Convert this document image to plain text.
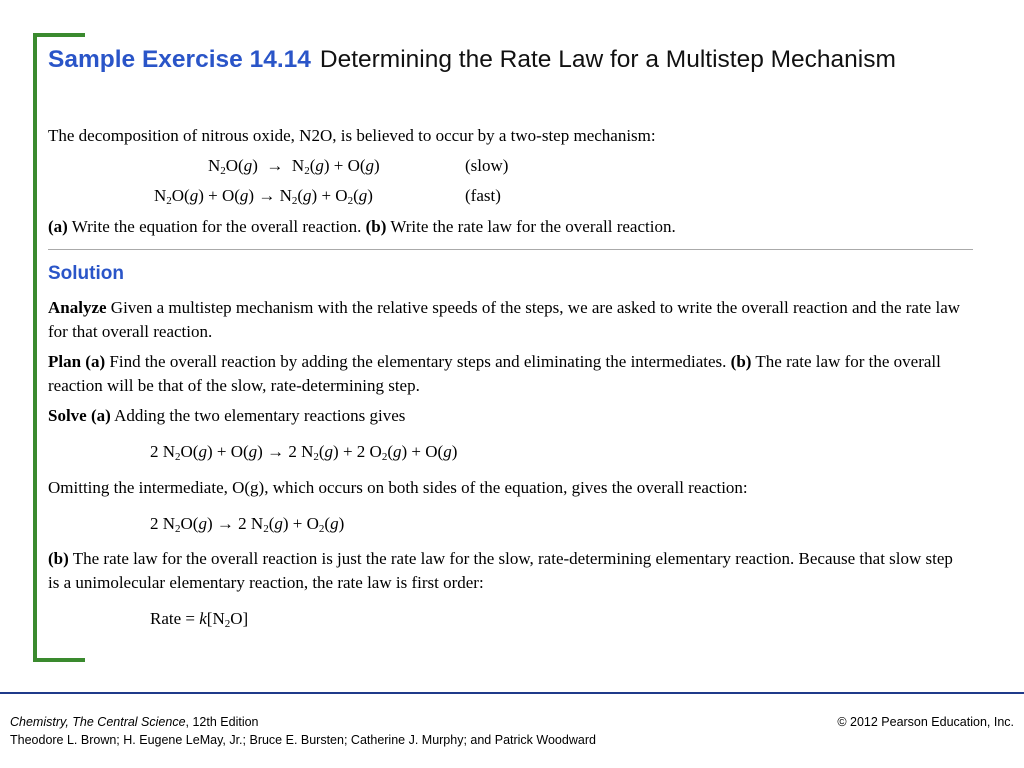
Sample Exercise 14.14 Determining the Rate Law for a Multistep Mechanism
The decomposition of nitrous oxide, N2O, is believed to occur by a two-step mechanism:
$N_2O(g) \to N_2(g) + O(g)$	(slow)
$N_2O(g) + O(g) \to N_2(g) + O_2(g)$	(fast)
(a) Write the equation for the overall reaction. (b) Write the rate law for the overall reaction.
Solution
Analyze Given a multistep mechanism with the relative speeds of the steps, we are asked to write the overall reaction and the rate law for that overall reaction.
Plan (a) Find the overall reaction by adding the elementary steps and eliminating the intermediates. (b) The rate law for the overall reaction will be that of the slow, rate-determining step.
Solve (a) Adding the two elementary reactions gives
2 $N_2O(g) + O(g) \to 2$ $N_2(g) + 2$ $O_2(g) + O(g)$
Omitting the intermediate, O(g), which occurs on both sides of the equation, gives the overall reaction:
2 $N_2O(g) \to 2$ $N_2(g) + O_2(g)$
(b) The rate law for the overall reaction is just the rate law for the slow, rate-determining elementary reaction. Because that slow step is a unimolecular elementary reaction, the rate law is first order:
Rate = $k[N_2O]$
Chemistry, The Central Science, 12th Edition
Theodore L. Brown; H. Eugene LeMay, Jr.; Bruce E. Bursten; Catherine J. Murphy; and Patrick Woodward
© 2012 Pearson Education, Inc.
